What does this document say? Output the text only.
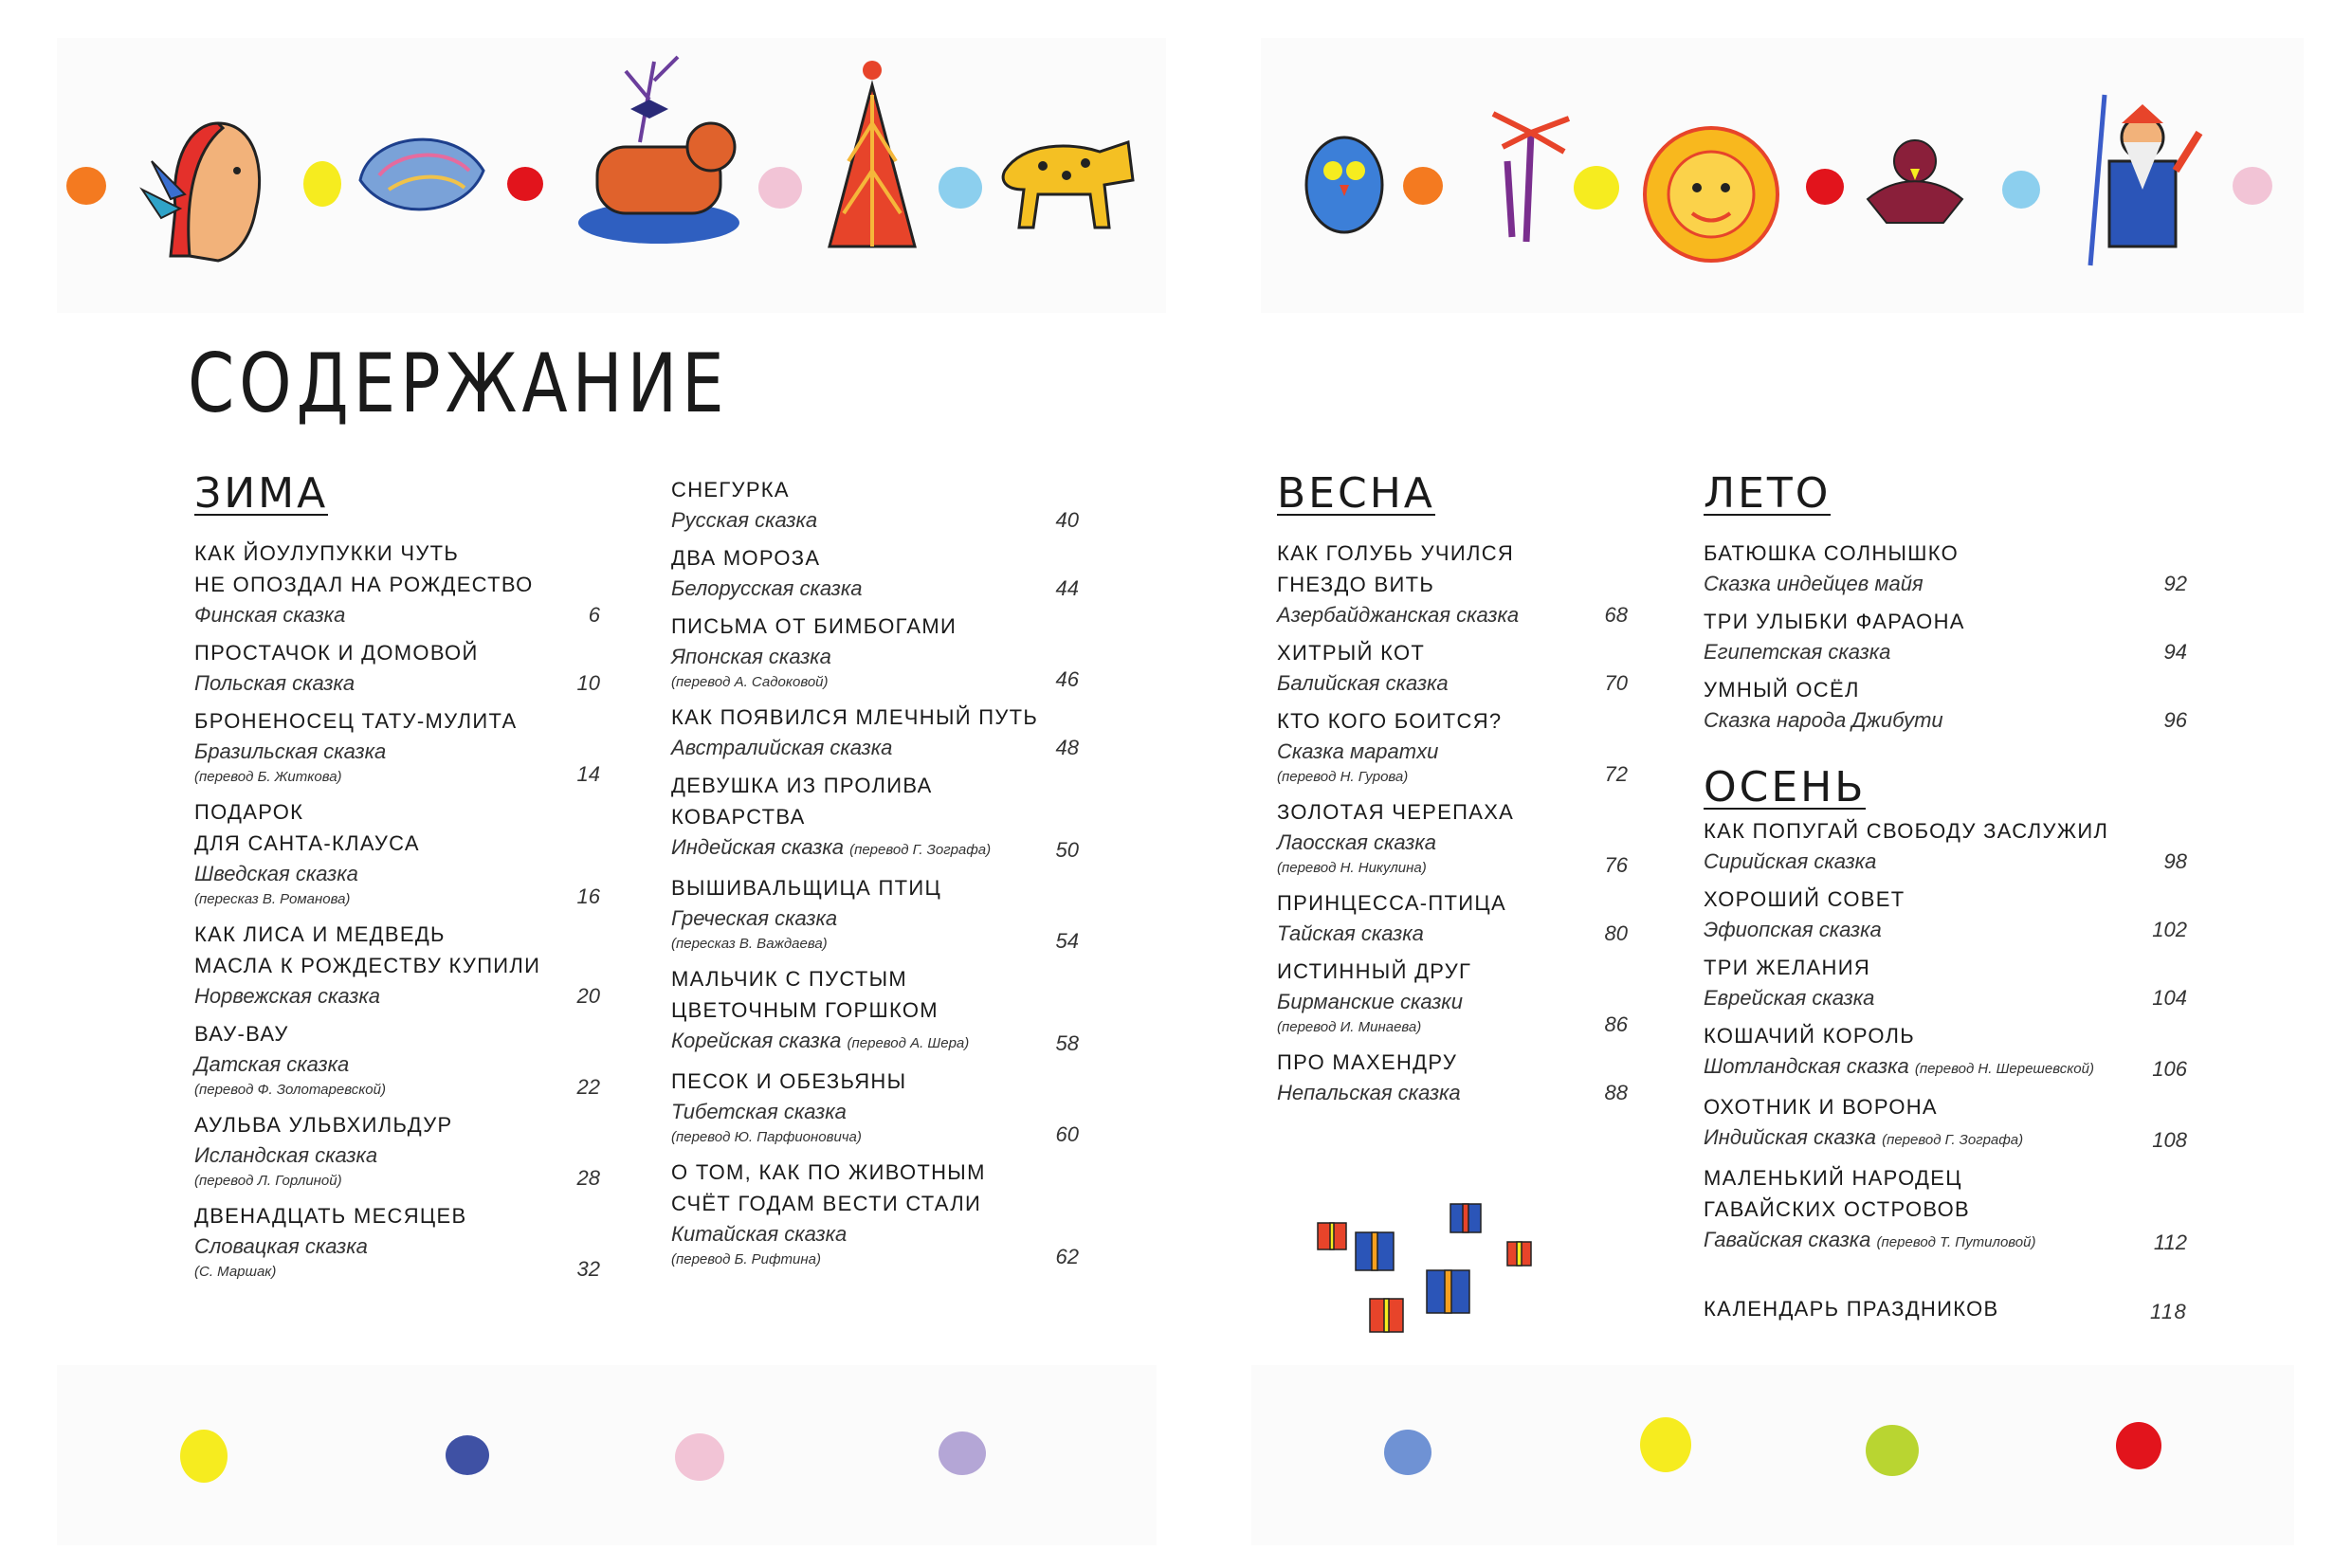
СОДЕРЖАНИЕ
ЗИМА	ВЕСНА	ЛЕТО
ОСЕНЬ
КАК ЙОУЛУПУККИ ЧУТЬ
НЕ ОПОЗДАЛ НА РОЖДЕСТВО
Финская сказка	6
ПРОСТАЧОК И ДОМОВОЙ
Польская сказка	10
БРОНЕНОСЕЦ ТАТУ-МУЛИТА
Бразильская сказка
(перевод Б. Житкова)	14
ПОДАРОК
ДЛЯ САНТА-КЛАУСА
Шведская сказка
(пересказ В. Романова)	16
КАК ЛИСА И МЕДВЕДЬ
МАСЛА К РОЖДЕСТВУ КУПИЛИ
Норвежская сказка	20
ВАУ-ВАУ
Датская сказка
(перевод Ф. Золотаревской)	22
АУЛЬВА УЛЬВХИЛЬДУР
Исландская сказка
(перевод Л. Горлиной)	28
ДВЕНАДЦАТЬ МЕСЯЦЕВ
Словацкая сказка
(С. Маршак)	32
СНЕГУРКА
Русская сказка	40
ДВА МОРОЗА
Белорусская сказка	44
ПИСЬМА ОТ БИМБОГАМИ
Японская сказка
(перевод А. Садоковой)	46
КАК ПОЯВИЛСЯ МЛЕЧНЫЙ ПУТЬ
Австралийская сказка	48
ДЕВУШКА ИЗ ПРОЛИВА
КОВАРСТВА
Индейская сказка (перевод Г. Зографа)	50
ВЫШИВАЛЬЩИЦА ПТИЦ
Греческая сказка
(пересказ В. Важдаева)	54
МАЛЬЧИК С ПУСТЫМ
ЦВЕТОЧНЫМ ГОРШКОМ
Корейская сказка (перевод А. Шера)	58
ПЕСОК И ОБЕЗЬЯНЫ
Тибетская сказка
(перевод Ю. Парфионовича)	60
О ТОМ, КАК ПО ЖИВОТНЫМ
СЧЁТ ГОДАМ ВЕСТИ СТАЛИ
Китайская сказка
(перевод Б. Рифтина)	62
КАК ГОЛУБЬ УЧИЛСЯ
ГНЕЗДО ВИТЬ
Азербайджанская сказка	68
ХИТРЫЙ КОТ
Балийская сказка	70
КТО КОГО БОИТСЯ?
Сказка маратхи
(перевод Н. Гурова)	72
ЗОЛОТАЯ ЧЕРЕПАХА
Лаосская сказка
(перевод Н. Никулина)	76
ПРИНЦЕССА-ПТИЦА
Тайская сказка	80
ИСТИННЫЙ ДРУГ
Бирманские сказки
(перевод И. Минаева)	86
ПРО МАХЕНДРУ
Непальская сказка	88
БАТЮШКА СОЛНЫШКО
Сказка индейцев майя	92
ТРИ УЛЫБКИ ФАРАОНА
Египетская сказка	94
УМНЫЙ ОСЁЛ
Сказка народа Джибути	96
КАК ПОПУГАЙ СВОБОДУ ЗАСЛУЖИЛ
Сирийская сказка	98
ХОРОШИЙ СОВЕТ
Эфиопская сказка	102
ТРИ ЖЕЛАНИЯ
Еврейская сказка	104
КОШАЧИЙ КОРОЛЬ
Шотландская сказка (перевод Н. Шерешевской)	106
ОХОТНИК И ВОРОНА
Индийская сказка (перевод Г. Зографа)	108
МАЛЕНЬКИЙ НАРОДЕЦ
ГАВАЙСКИХ ОСТРОВОВ
Гавайская сказка (перевод Т. Путиловой)	112
КАЛЕНДАРЬ ПРАЗДНИКОВ	118
